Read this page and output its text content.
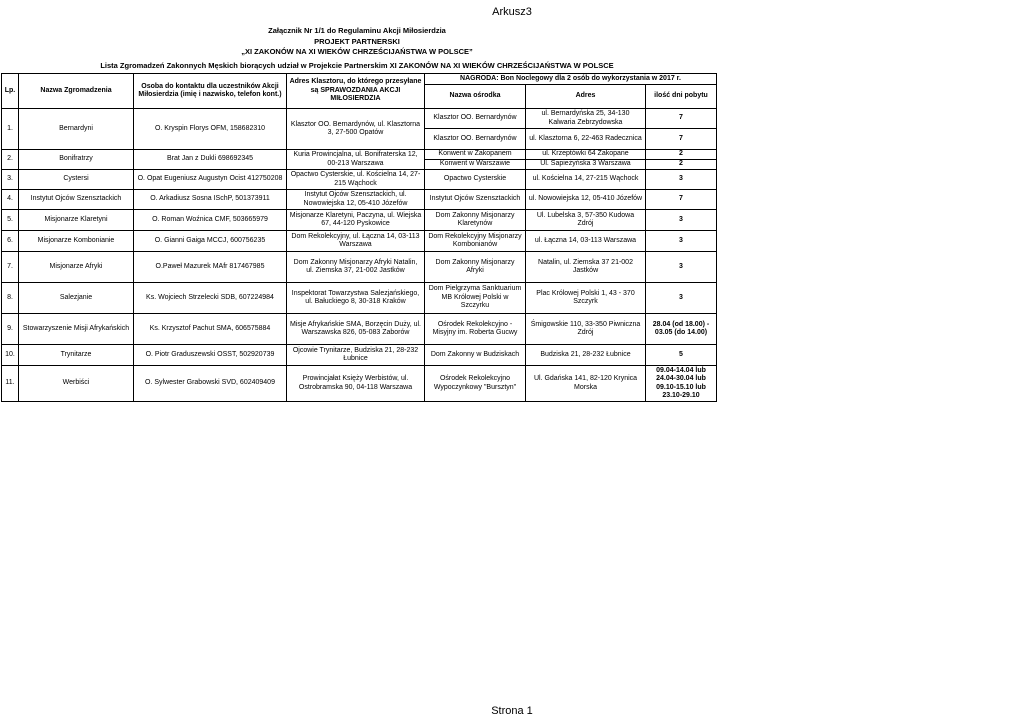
Arkusz3
Załącznik Nr 1/1 do Regulaminu Akcji Miłosierdzia
PROJEKT PARTNERSKI
„XI ZAKONÓW NA XI WIEKÓW CHRZEŚCIJAŃSTWA W POLSCE”
Lista Zgromadzeń Zakonnych Męskich biorących udział w Projekcie Partnerskim XI ZAKONÓW NA XI WIEKÓW CHRZEŚCIJAŃSTWA W POLSCE
Lp.	Nazwa Zgromadzenia	Osoba do kontaktu dla uczestników Akcji Miłosierdzia (imię i nazwisko, telefon kont.)	Adres Klasztoru, do którego przesyłane są SPRAWOZDANIA AKCJI MIŁOSIERDZIA	NAGRODA: Bon Noclegowy dla 2 osób do wykorzystania w 2017 r.		
				Nazwa ośrodka	Adres	ilość dni pobytu
1.	Bernardyni	O. Kryspin Florys OFM, 158682310	Klasztor OO. Bernardynów, ul. Klasztorna 3, 27-500 Opatów	Klasztor OO. Bernardynów	ul. Bernardyńska 25, 34-130 Kalwaria Zebrzydowska	7
				Klasztor OO. Bernardynów	ul. Klasztorna 6, 22-463 Radecznica	7
2.	Bonifratrzy	Brat Jan z Dukli 698692345	Kuria Prowincjalna, ul. Bonifraterska 12, 00-213 Warszawa	Konwent w Zakopanem	ul. Krzeptówki 64 Zakopane	2
				Konwent w Warszawie	Ul. Sapieżyńska 3 Warszawa	2
3.	Cystersi	O. Opat Eugeniusz Augustyn Ocist 412750208	Opactwo Cysterskie, ul. Kościelna 14, 27-215 Wąchock	Opactwo Cysterskie	ul. Kościelna 14, 27-215 Wąchock	3
4.	Instytut Ojców Szensztackich	O. Arkadiusz Sosna ISchP, 501373911	Instytut Ojców Szensztackich, ul. Nowowiejska 12, 05-410 Józefów	Instytut Ojców Szensztackich	ul. Nowowiejska 12, 05-410 Józefów	7
5.	Misjonarze Klaretyni	O. Roman Woźnica CMF, 503665979	Misjonarze Klaretyni, Paczyna, ul. Wiejska 67, 44-120 Pyskowice	Dom Zakonny Misjonarzy Klaretynów	Ul. Lubelska 3, 57-350 Kudowa Zdrój	3
6.	Misjonarze Kombonianie	O. Gianni Gaiga MCCJ, 600756235	Dom Rekolekcyjny, ul. Łączna 14, 03-113 Warszawa	Dom Rekolekcyjny Misjonarzy Kombonianów	ul. Łączna 14, 03-113 Warszawa	3
7.	Misjonarze Afryki	O.Paweł Mazurek MAfr 817467985	Dom Zakonny Misjonarzy Afryki Natalin, ul. Ziemska 37, 21-002 Jastków	Dom Zakonny Misjonarzy Afryki	Natalin, ul. Ziemska 37 21-002 Jastków	3
8.	Salezjanie	Ks. Wojciech Strzelecki SDB, 607224984	Inspektorat Towarzystwa Salezjańskiego, ul. Bałuckiego 8, 30-318 Kraków	Dom Pielgrzyma Sanktuarium MB Królowej Polski w Szczyrku	Plac Królowej Polski 1, 43 - 370 Szczyrk	3
9.	Stowarzyszenie Misji Afrykańskich	Ks. Krzysztof Pachut SMA, 606575884	Misje Afrykańskie SMA, Borzęcin Duży, ul. Warszawska 826, 05-083 Zaborów	Ośrodek Rekolekcyjno - Misyjny im. Roberta Gucwy	Śmigowskie 110, 33-350 Piwniczna Zdrój	28.04 (od 18.00) - 03.05 (do 14.00)
10.	Trynitarze	O. Piotr Graduszewski OSST, 502920739	Ojcowie Trynitarze, Budziska 21, 28-232 Łubnice	Dom Zakonny w Budziskach	Budziska 21, 28-232 Łubnice	5
11.	Werbiści	O. Sylwester Grabowski SVD, 602409409	Prowincjałat Księży Werbistów, ul. Ostrobramska 90, 04-118 Warszawa	Ośrodek Rekolekcyjno Wypoczynkowy "Bursztyn"	Ul. Gdańska 141, 82-120 Krynica Morska	09.04-14.04 lub 24.04-30.04 lub 09.10-15.10 lub 23.10-29.10
Strona 1
